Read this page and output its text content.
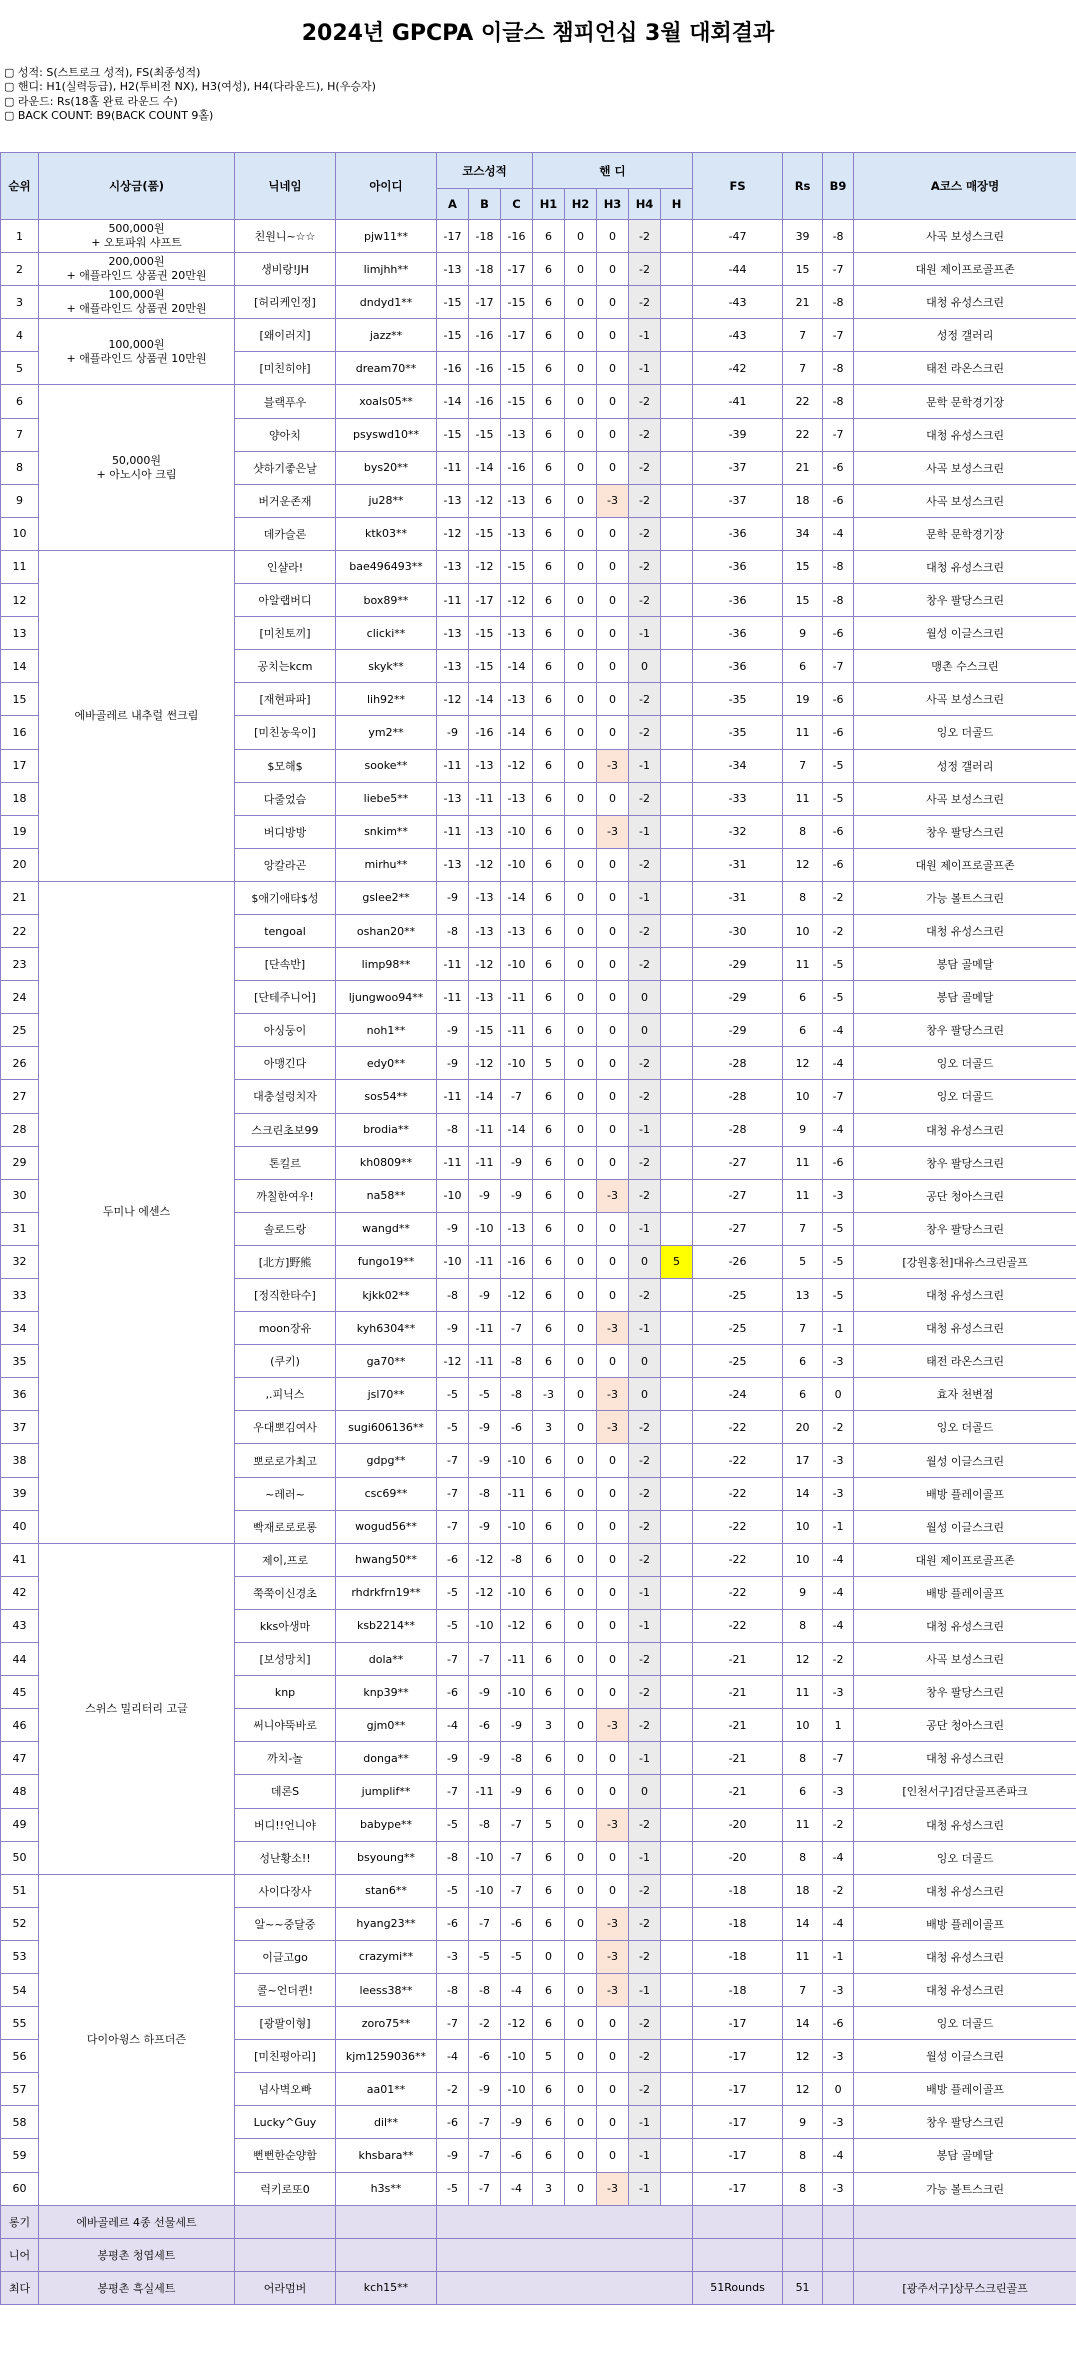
2024년 GPCPA 이글스 챔피언십 3월 대회결과
▢ 성적: S(스트로크 성적), FS(최종성적)
▢ 핸디: H1(실력등급), H2(투비전 NX), H3(여성), H4(다라운드), H(우승자)
▢ 라운드: Rs(18홀 완료 라운드 수)
▢ BACK COUNT: B9(BACK COUNT 9홀)
순위	시상금(품)	닉네임	아이디	코스성적			핸 디					FS	Rs	B9	A코스 매장명
				A	B	C	H1	H2	H3	H4	H				
1	500,000원
+ 오토파워 샤프트	친원니~☆☆	pjw11**	-17	-18	-16	6	0	0	-2		-47	39	-8	사곡 보성스크린
2	200,000원
+ 애플라인드 상품권 20만원	생비랑!JH	limjhh**	-13	-18	-17	6	0	0	-2		-44	15	-7	대원 제이프로골프존
3	100,000원
+ 애플라인드 상품권 20만원	[허리케인정]	dndyd1**	-15	-17	-15	6	0	0	-2		-43	21	-8	대청 유성스크린
4	100,000원
+ 애플라인드 상품권 10만원	[왜이러지]	jazz**	-15	-16	-17	6	0	0	-1		-43	7	-7	성정 갤러리
5		[미친히야]	dream70**	-16	-16	-15	6	0	0	-1		-42	7	-8	태전 라온스크린
6	50,000원
+ 아노시아 크림	블랙푸우	xoals05**	-14	-16	-15	6	0	0	-2		-41	22	-8	문학 문학경기장
7		양아치	psyswd10**	-15	-15	-13	6	0	0	-2		-39	22	-7	대청 유성스크린
8		샷하기좋은날	bys20**	-11	-14	-16	6	0	0	-2		-37	21	-6	사곡 보성스크린
9		버거운존재	ju28**	-13	-12	-13	6	0	-3	-2		-37	18	-6	사곡 보성스크린
10		데카슬론	ktk03**	-12	-15	-13	6	0	0	-2		-36	34	-4	문학 문학경기장
11	에바골레르 내추럴 썬크림	인샬라!	bae496493**	-13	-12	-15	6	0	0	-2		-36	15	-8	대청 유성스크린
12		아알랩버디	box89**	-11	-17	-12	6	0	0	-2		-36	15	-8	창우 팔당스크린
13		[미친토끼]	clicki**	-13	-15	-13	6	0	0	-1		-36	9	-6	월성 이글스크린
14		공치는kcm	skyk**	-13	-15	-14	6	0	0	0		-36	6	-7	맹촌 수스크린
15		[재현파파]	lih92**	-12	-14	-13	6	0	0	-2		-35	19	-6	사곡 보성스크린
16		[미친농욱이]	ym2**	-9	-16	-14	6	0	0	-2		-35	11	-6	잉오 더골드
17		$모해$	sooke**	-11	-13	-12	6	0	-3	-1		-34	7	-5	성정 갤러리
18		다줄었슴	liebe5**	-13	-11	-13	6	0	0	-2		-33	11	-5	사곡 보성스크린
19		버디방방	snkim**	-11	-13	-10	6	0	-3	-1		-32	8	-6	창우 팔당스크린
20		앙칼라곤	mirhu**	-13	-12	-10	6	0	0	-2		-31	12	-6	대원 제이프로골프존
21	두미나 에센스	$애기애타$성	gslee2**	-9	-13	-14	6	0	0	-1		-31	8	-2	가능 볼트스크린
22		tengoal	oshan20**	-8	-13	-13	6	0	0	-2		-30	10	-2	대청 유성스크린
23		[단속반]	limp98**	-11	-12	-10	6	0	0	-2		-29	11	-5	봉담 골메달
24		[단테주니어]	ljungwoo94**	-11	-13	-11	6	0	0	0		-29	6	-5	봉담 골메달
25		아싱둥이	noh1**	-9	-15	-11	6	0	0	0		-29	6	-4	창우 팔당스크린
26		아맹긴다	edy0**	-9	-12	-10	5	0	0	-2		-28	12	-4	잉오 더골드
27		대충설렁치자	sos54**	-11	-14	-7	6	0	0	-2		-28	10	-7	잉오 더골드
28		스크린초보99	brodia**	-8	-11	-14	6	0	0	-1		-28	9	-4	대청 유성스크린
29		톤킬르	kh0809**	-11	-11	-9	6	0	0	-2		-27	11	-6	창우 팔당스크린
30		까칠한여우!	na58**	-10	-9	-9	6	0	-3	-2		-27	11	-3	공단 청아스크린
31		솔로드랑	wangd**	-9	-10	-13	6	0	0	-1		-27	7	-5	창우 팔당스크린
32		[北方]野熊	fungo19**	-10	-11	-16	6	0	0	0	5	-26	5	-5	[강원홍천]대유스크린골프
33		[정직한타수]	kjkk02**	-8	-9	-12	6	0	0	-2		-25	13	-5	대청 유성스크린
34		moon장유	kyh6304**	-9	-11	-7	6	0	-3	-1		-25	7	-1	대청 유성스크린
35		(쿠키)	ga70**	-12	-11	-8	6	0	0	0		-25	6	-3	태전 라온스크린
36		,.피닉스	jsl70**	-5	-5	-8	-3	0	-3	0		-24	6	0	효자 천변점
37		우대뽀김여사	sugi606136**	-5	-9	-6	3	0	-3	-2		-22	20	-2	잉오 더골드
38		뽀로로가최고	gdpg**	-7	-9	-10	6	0	0	-2		-22	17	-3	월성 이글스크린
39		~레러~	csc69**	-7	-8	-11	6	0	0	-2		-22	14	-3	배방 플레이골프
40		빡재로로로롱	wogud56**	-7	-9	-10	6	0	0	-2		-22	10	-1	월성 이글스크린
41	스위스 밀리터리 고글	제이,프로	hwang50**	-6	-12	-8	6	0	0	-2		-22	10	-4	대원 제이프로골프존
42		쭉쭉이신경초	rhdrkfrn19**	-5	-12	-10	6	0	0	-1		-22	9	-4	배방 플레이골프
43		kks아생마	ksb2214**	-5	-10	-12	6	0	0	-1		-22	8	-4	대청 유성스크린
44		[보성망치]	dola**	-7	-7	-11	6	0	0	-2		-21	12	-2	사곡 보성스크린
45		knp	knp39**	-6	-9	-10	6	0	0	-2		-21	11	-3	창우 팔당스크린
46		써니야뚝바로	gjm0**	-4	-6	-9	3	0	-3	-2		-21	10	1	공단 청아스크린
47		까치-놀	donga**	-9	-9	-8	6	0	0	-1		-21	8	-7	대청 유성스크린
48		데론S	jumplif**	-7	-11	-9	6	0	0	0		-21	6	-3	[인천서구]검단골프존파크
49		버디!!언니야	babype**	-5	-8	-7	5	0	-3	-2		-20	11	-2	대청 유성스크린
50		성난황소!!	bsyoung**	-8	-10	-7	6	0	0	-1		-20	8	-4	잉오 더골드
51	다이아윙스 하프더즌	사이다장사	stan6**	-5	-10	-7	6	0	0	-2		-18	18	-2	대청 유성스크린
52		알~~중달중	hyang23**	-6	-7	-6	6	0	-3	-2		-18	14	-4	배방 플레이골프
53		이글고go	crazymi**	-3	-5	-5	0	0	-3	-2		-18	11	-1	대청 유성스크린
54		콜~언더퀸!	leess38**	-8	-8	-4	6	0	-3	-1		-18	7	-3	대청 유성스크린
55		[광팔이형]	zoro75**	-7	-2	-12	6	0	0	-2		-17	14	-6	잉오 더골드
56		[미친평아리]	kjm1259036**	-4	-6	-10	5	0	0	-2		-17	12	-3	월성 이글스크린
57		넘사벽오빠	aa01**	-2	-9	-10	6	0	0	-2		-17	12	0	배방 플레이골프
58		Lucky^Guy	dil**	-6	-7	-9	6	0	0	-1		-17	9	-3	창우 팔당스크린
59		뻔뻔한순양함	khsbara**	-9	-7	-6	6	0	0	-1		-17	8	-4	봉담 골메달
60		럭키로또0	h3s**	-5	-7	-4	3	0	-3	-1		-17	8	-3	가능 볼트스크린
롱기	에바골레르 4종 선물세트														
니어	봉평촌 청엽세트														
최다	봉평촌 흑실세트	어라멈버	kch15**									51Rounds	51		[광주서구]상무스크린골프
